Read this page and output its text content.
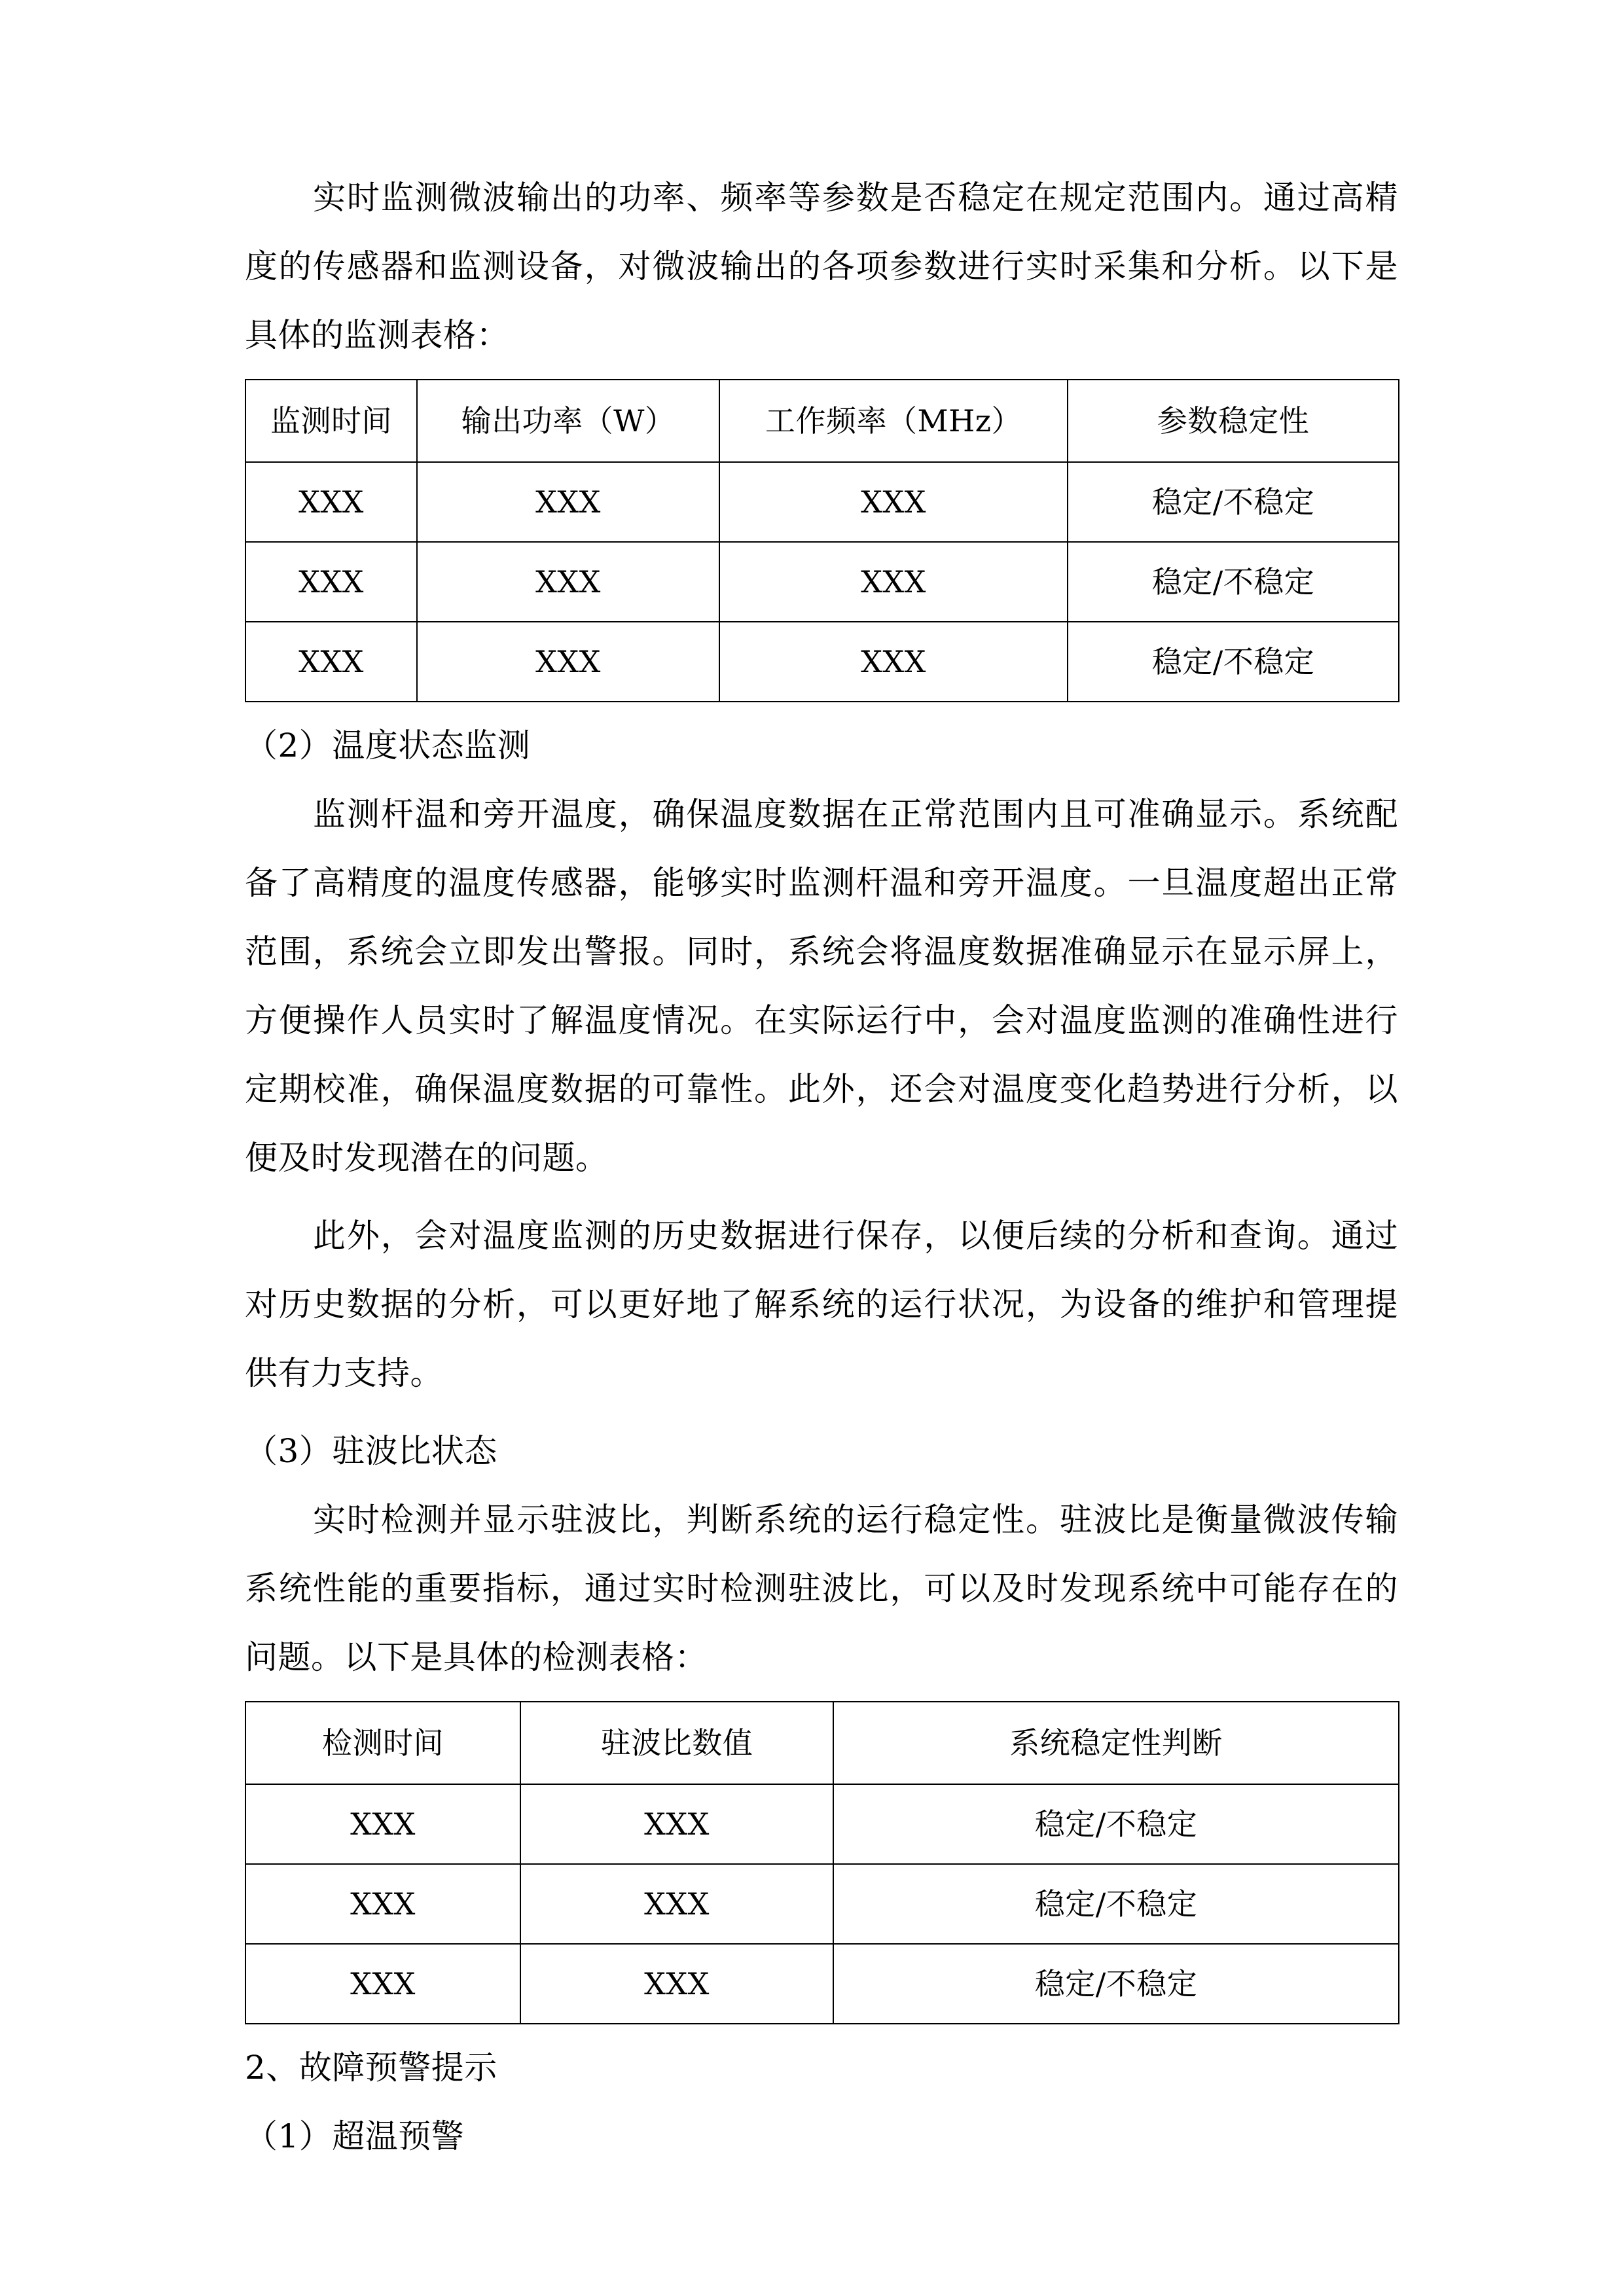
实时监测微波输出的功率、频率等参数是否稳定在规定范围内。通过高精度的传感器和监测设备，对微波输出的各项参数进行实时采集和分析。以下是具体的监测表格：

监测时间	输出功率（W）	工作频率（MHz）	参数稳定性
XXX	XXX	XXX	稳定/不稳定
XXX	XXX	XXX	稳定/不稳定
XXX	XXX	XXX	稳定/不稳定

（2）温度状态监测

监测杆温和旁开温度，确保温度数据在正常范围内且可准确显示。系统配备了高精度的温度传感器，能够实时监测杆温和旁开温度。一旦温度超出正常范围，系统会立即发出警报。同时，系统会将温度数据准确显示在显示屏上，方便操作人员实时了解温度情况。在实际运行中，会对温度监测的准确性进行定期校准，确保温度数据的可靠性。此外，还会对温度变化趋势进行分析，以便及时发现潜在的问题。

此外，会对温度监测的历史数据进行保存，以便后续的分析和查询。通过对历史数据的分析，可以更好地了解系统的运行状况，为设备的维护和管理提供有力支持。

（3）驻波比状态

实时检测并显示驻波比，判断系统的运行稳定性。驻波比是衡量微波传输系统性能的重要指标，通过实时检测驻波比，可以及时发现系统中可能存在的问题。以下是具体的检测表格：

检测时间	驻波比数值	系统稳定性判断
XXX	XXX	稳定/不稳定
XXX	XXX	稳定/不稳定
XXX	XXX	稳定/不稳定

2、故障预警提示

（1）超温预警
